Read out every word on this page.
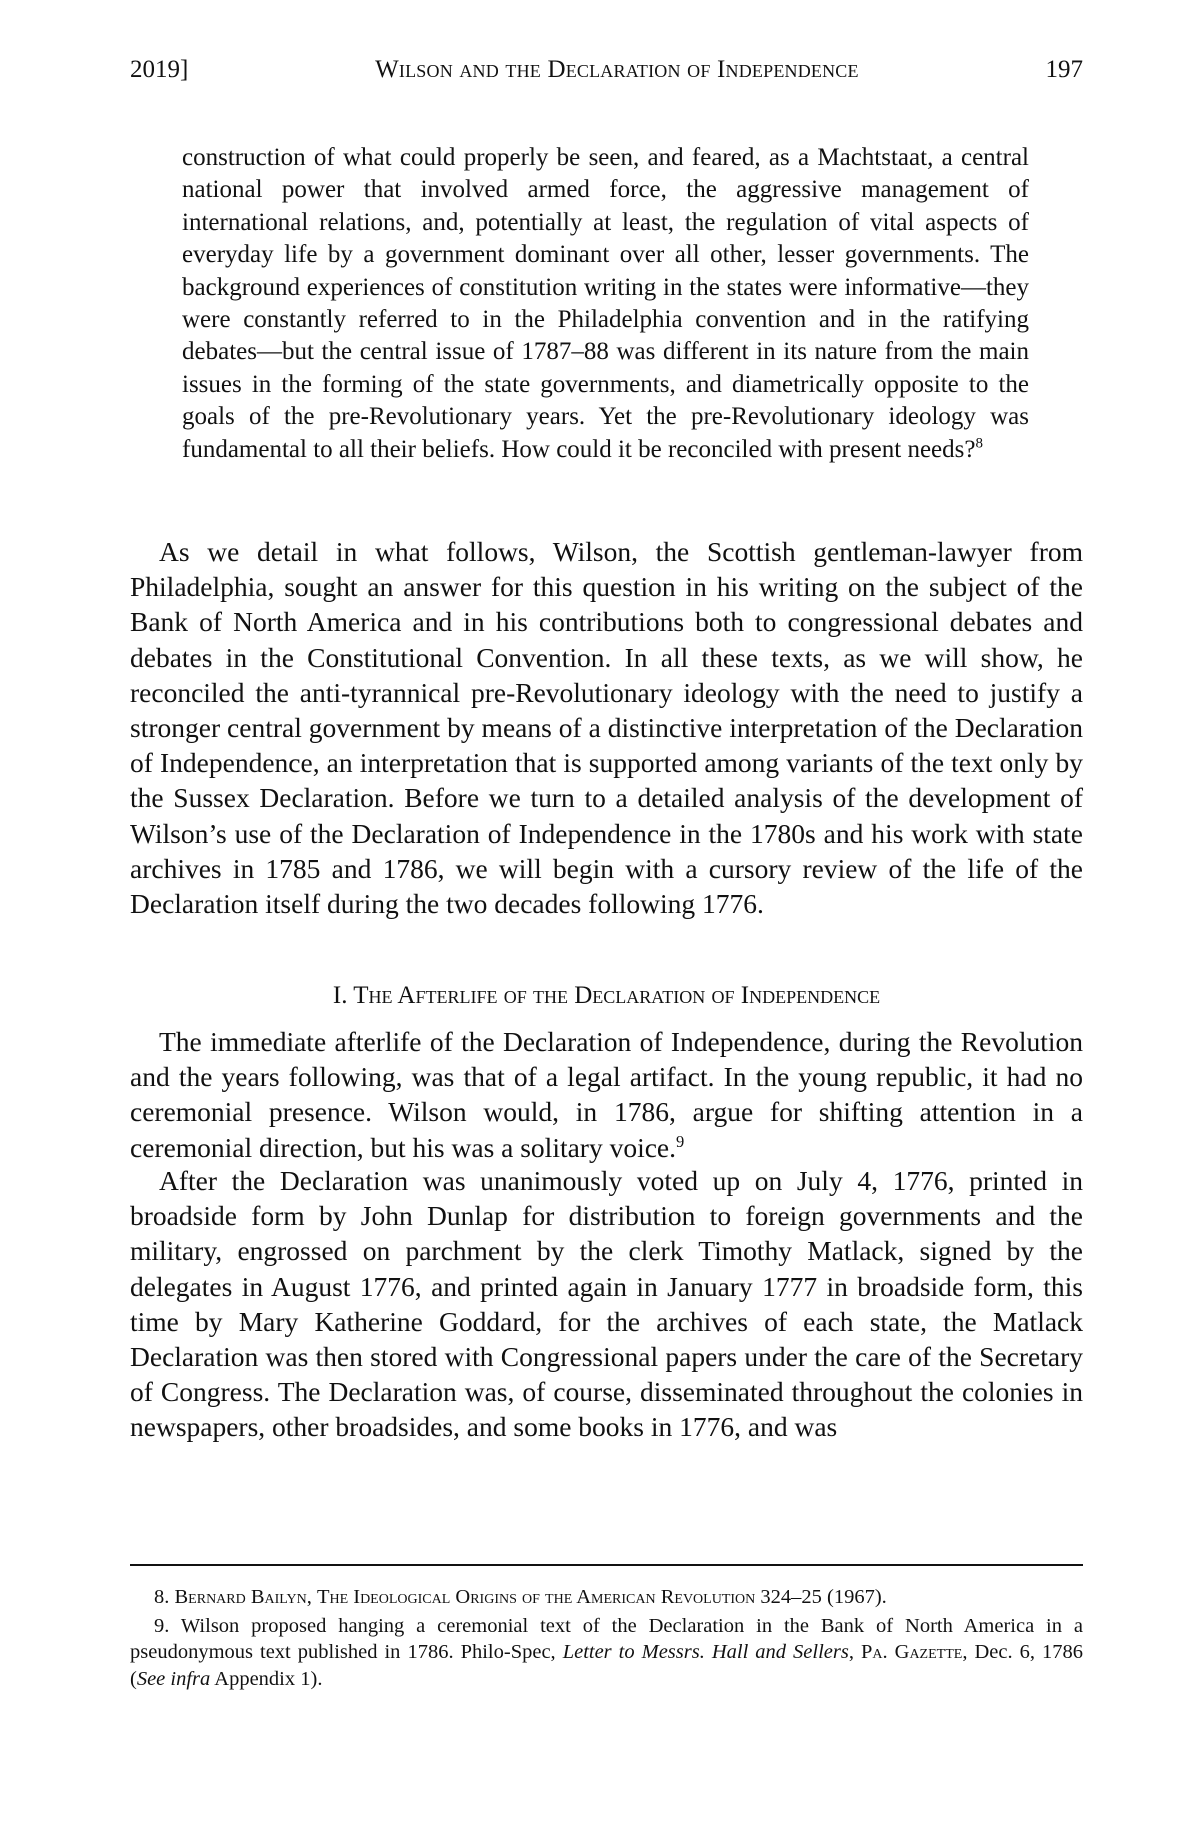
2019]	Wilson and the Declaration of Independence	197

construction of what could properly be seen, and feared, as a Machtstaat, a central national power that involved armed force, the aggressive management of international relations, and, potentially at least, the regulation of vital aspects of everyday life by a government dominant over all other, lesser governments. The background experiences of constitution writing in the states were informative—they were constantly referred to in the Philadelphia convention and in the ratifying debates—but the central issue of 1787–88 was different in its nature from the main issues in the forming of the state governments, and diametrically opposite to the goals of the pre-Revolutionary years. Yet the pre-Revolutionary ideology was fundamental to all their beliefs. How could it be reconciled with present needs?$^8$

As we detail in what follows, Wilson, the Scottish gentleman-lawyer from Philadelphia, sought an answer for this question in his writing on the subject of the Bank of North America and in his contributions both to congressional debates and debates in the Constitutional Convention. In all these texts, as we will show, he reconciled the anti-tyrannical pre-Revolutionary ideology with the need to justify a stronger central government by means of a distinctive interpretation of the Declaration of Independence, an interpretation that is supported among variants of the text only by the Sussex Declaration. Before we turn to a detailed analysis of the development of Wilson’s use of the Declaration of Independence in the 1780s and his work with state archives in 1785 and 1786, we will begin with a cursory review of the life of the Declaration itself during the two decades following 1776.

I. The Afterlife of the Declaration of Independence

The immediate afterlife of the Declaration of Independence, during the Revolution and the years following, was that of a legal artifact. In the young republic, it had no ceremonial presence. Wilson would, in 1786, argue for shifting attention in a ceremonial direction, but his was a solitary voice.$^9$

After the Declaration was unanimously voted up on July 4, 1776, printed in broadside form by John Dunlap for distribution to foreign governments and the military, engrossed on parchment by the clerk Timothy Matlack, signed by the delegates in August 1776, and printed again in January 1777 in broadside form, this time by Mary Katherine Goddard, for the archives of each state, the Matlack Declaration was then stored with Congressional papers under the care of the Secretary of Congress. The Declaration was, of course, disseminated throughout the colonies in newspapers, other broadsides, and some books in 1776, and was

8. Bernard Bailyn, The Ideological Origins of the American Revolution 324–25 (1967).

9. Wilson proposed hanging a ceremonial text of the Declaration in the Bank of North America in a pseudonymous text published in 1786. Philo-Spec, Letter to Messrs. Hall and Sellers, Pa. Gazette, Dec. 6, 1786 (See infra Appendix 1).
